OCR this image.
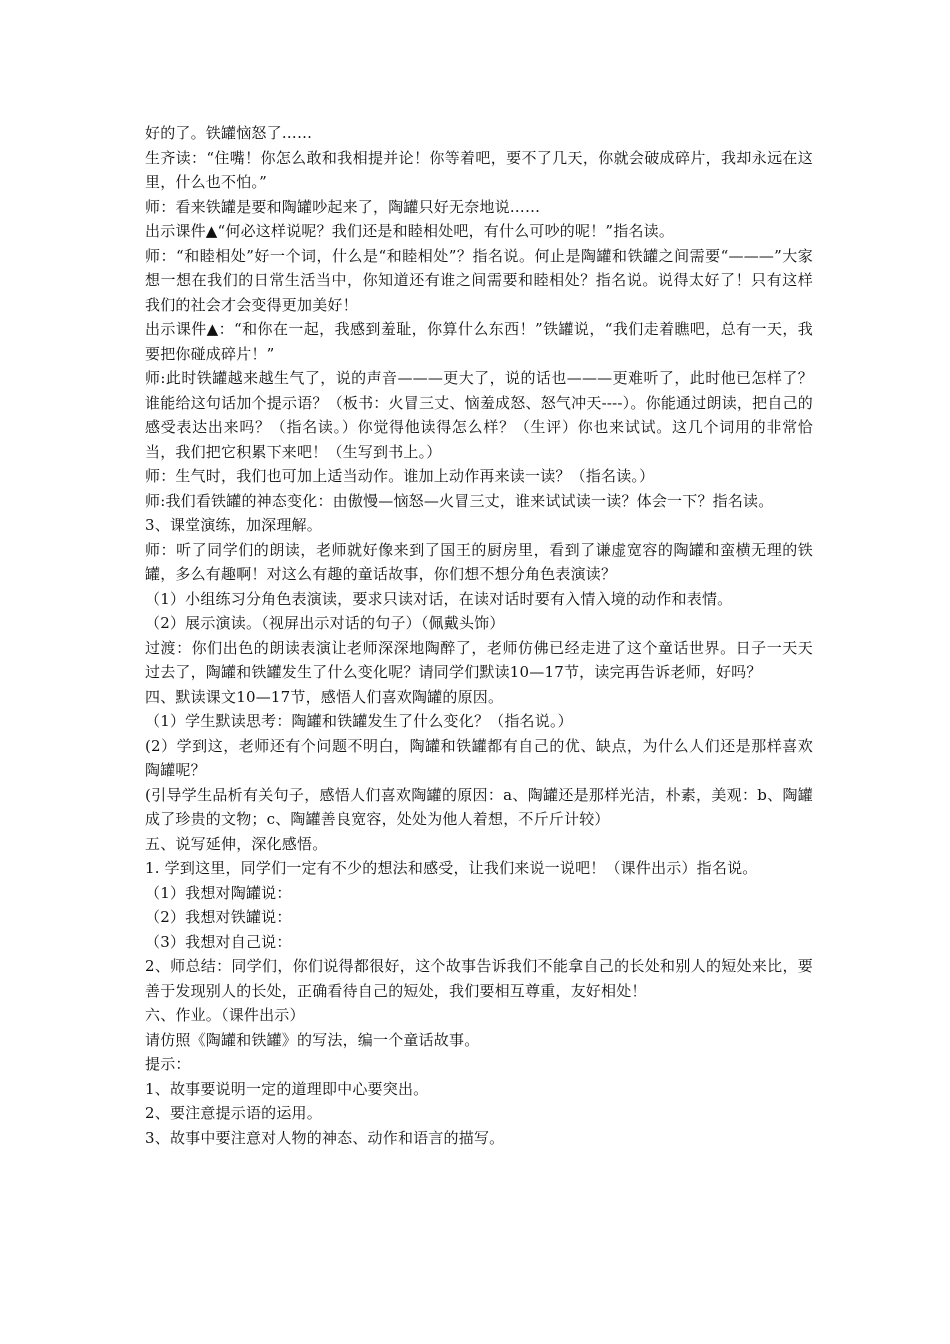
好的了。铁罐恼怒了……

生齐读：“住嘴！你怎么敢和我相提并论！你等着吧，要不了几天，你就会破成碎片，我却永远在这里，什么也不怕。”

师：看来铁罐是要和陶罐吵起来了，陶罐只好无奈地说……

出示课件▲“何必这样说呢？我们还是和睦相处吧，有什么可吵的呢！”指名读。

师：“和睦相处”好一个词，什么是“和睦相处”？指名说。何止是陶罐和铁罐之间需要“———”大家想一想在我们的日常生活当中，你知道还有谁之间需要和睦相处？指名说。说得太好了！只有这样我们的社会才会变得更加美好！

出示课件▲：“和你在一起，我感到羞耻，你算什么东西！”铁罐说，“我们走着瞧吧，总有一天，我要把你碰成碎片！”

师:此时铁罐越来越生气了，说的声音———更大了，说的话也———更难听了，此时他已怎样了？谁能给这句话加个提示语？（板书：火冒三丈、恼羞成怒、怒气冲天----）。你能通过朗读，把自己的感受表达出来吗？（指名读。）你觉得他读得怎么样？（生评）你也来试试。这几个词用的非常恰当，我们把它积累下来吧！（生写到书上。）

师：生气时，我们也可加上适当动作。谁加上动作再来读一读？（指名读。）

师:我们看铁罐的神态变化：由傲慢—恼怒—火冒三丈，谁来试试读一读？体会一下？指名读。

3、课堂演练，加深理解。

师：听了同学们的朗读，老师就好像来到了国王的厨房里，看到了谦虚宽容的陶罐和蛮横无理的铁罐，多么有趣啊！对这么有趣的童话故事，你们想不想分角色表演读？

（1）小组练习分角色表演读，要求只读对话，在读对话时要有入情入境的动作和表情。

（2）展示演读。（视屏出示对话的句子）（佩戴头饰）

过渡：你们出色的朗读表演让老师深深地陶醉了，老师仿佛已经走进了这个童话世界。日子一天天过去了，陶罐和铁罐发生了什么变化呢？请同学们默读10—17节，读完再告诉老师，好吗？

四、默读课文10—17节，感悟人们喜欢陶罐的原因。

（1）学生默读思考：陶罐和铁罐发生了什么变化？（指名说。）

(2）学到这，老师还有个问题不明白，陶罐和铁罐都有自己的优、缺点，为什么人们还是那样喜欢陶罐呢？

(引导学生品析有关句子，感悟人们喜欢陶罐的原因：a、陶罐还是那样光洁，朴素，美观：b、陶罐成了珍贵的文物；c、陶罐善良宽容，处处为他人着想，不斤斤计较）

五、说写延伸，深化感悟。

1. 学到这里，同学们一定有不少的想法和感受，让我们来说一说吧！（课件出示）指名说。

（1）我想对陶罐说：

（2）我想对铁罐说：

（3）我想对自己说：

2、师总结：同学们，你们说得都很好，这个故事告诉我们不能拿自己的长处和别人的短处来比，要善于发现别人的长处，正确看待自己的短处，我们要相互尊重，友好相处！

六、作业。（课件出示）

请仿照《陶罐和铁罐》的写法，编一个童话故事。

提示：

1、故事要说明一定的道理即中心要突出。

2、要注意提示语的运用。

3、故事中要注意对人物的神态、动作和语言的描写。
